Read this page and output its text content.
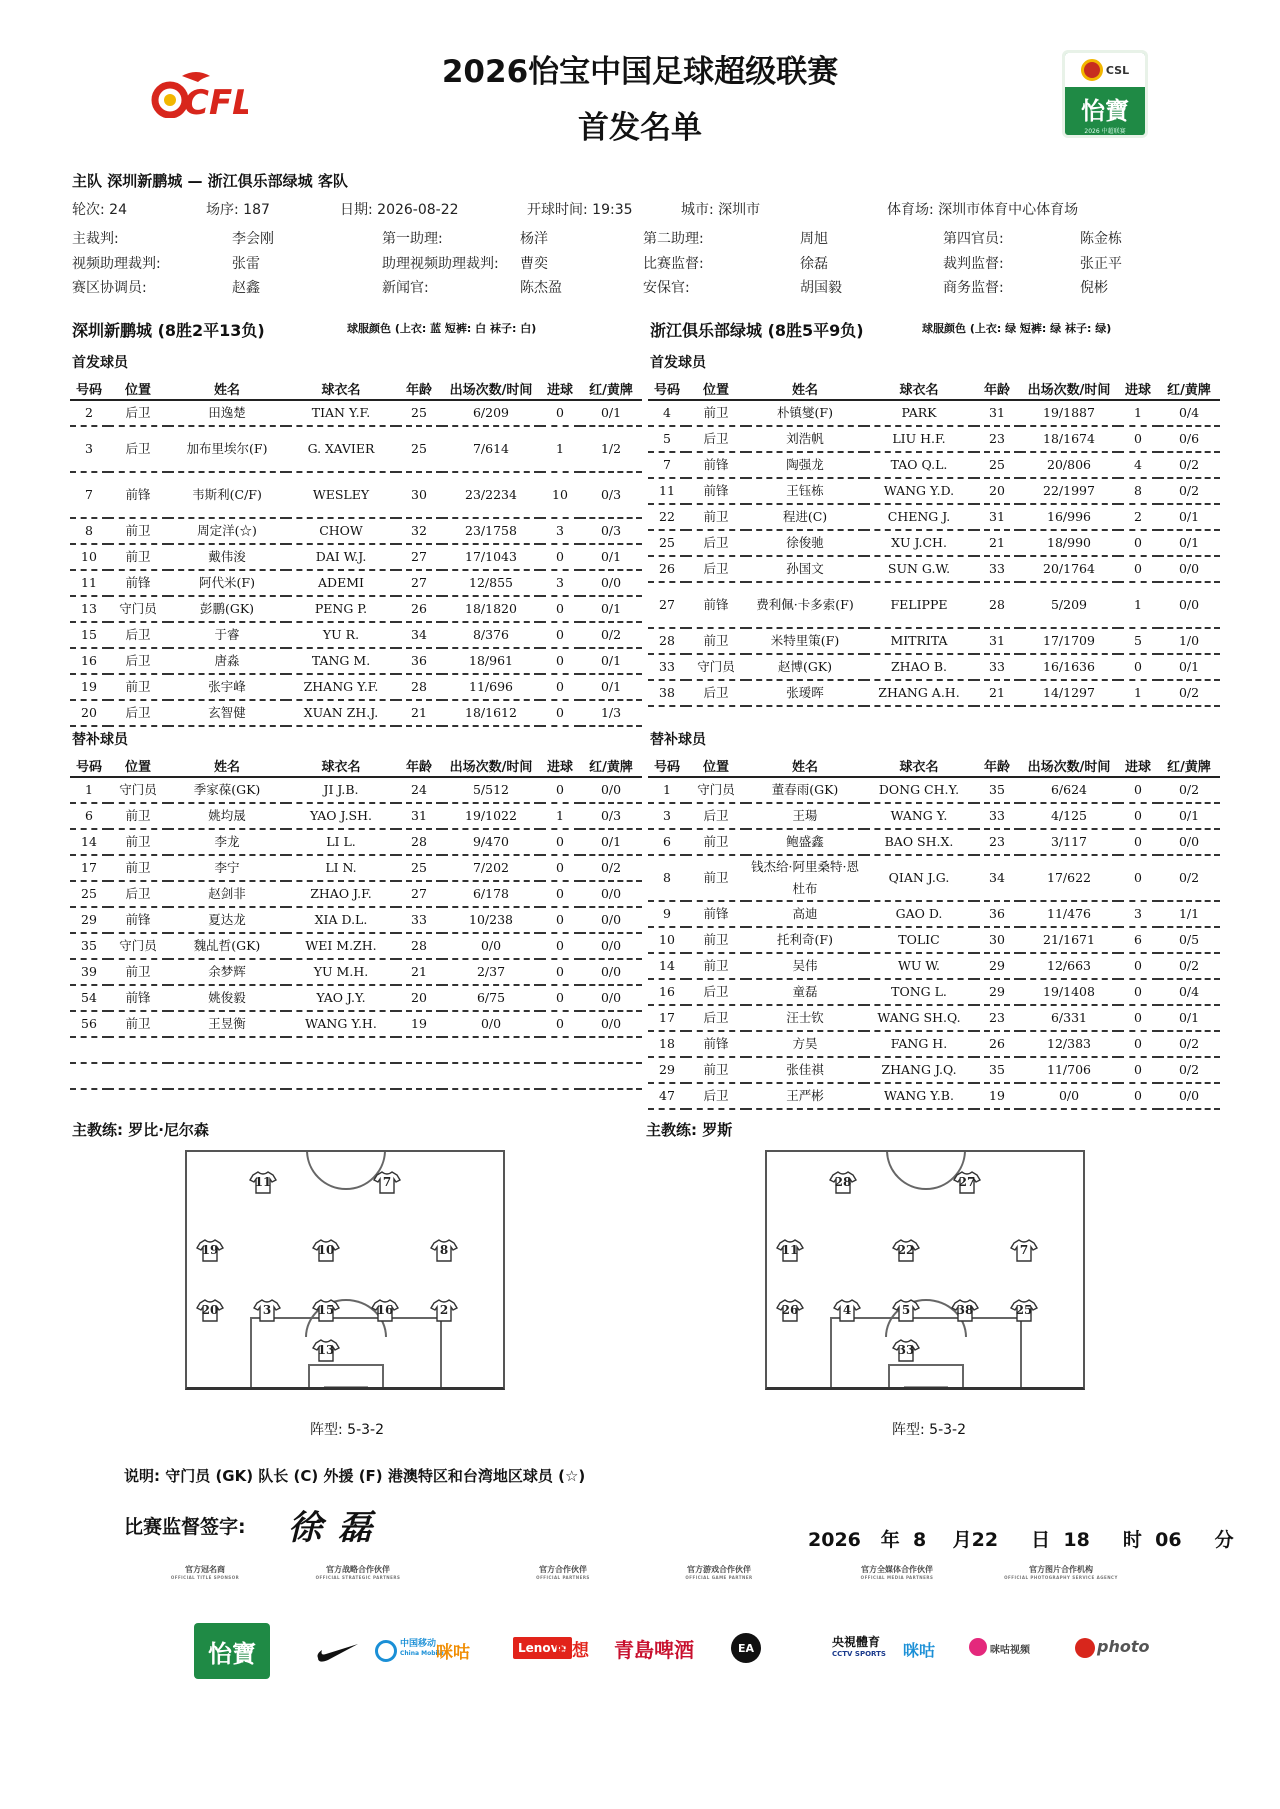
2026怡宝中国足球超级联赛
首发名单
CFL
CSL
怡寶
2026 中超联赛
主队 深圳新鹏城 — 浙江俱乐部绿城 客队
轮次: 24	场序: 187	日期: 2026-08-22	开球时间: 19:35	城市: 深圳市	体育场: 深圳市体育中心体育场
主裁判:	李会刚	第一助理:	杨洋	第二助理:	周旭	第四官员:	陈金栋
视频助理裁判:	张雷	助理视频助理裁判: 曹奕	比赛监督:	徐磊	裁判监督:	张正平
赛区协调员:	赵鑫	新闻官:	陈杰盈	安保官:	胡国毅	商务监督:	倪彬
深圳新鹏城 (8胜2平13负)	球服颜色 (上衣: 蓝 短裤: 白 袜子: 白)	浙江俱乐部绿城 (8胜5平9负)	球服颜色 (上衣: 绿 短裤: 绿 袜子: 绿)
首发球员	首发球员
替补球员	替补球员
号码	位置	姓名	球衣名	年龄	出场次数/时间	进球	红/黄牌
2	后卫	田逸楚	TIAN Y.F.	25	6/209	0	0/1
3	后卫	加布里埃尔(F)	G. XAVIER	25	7/614	1	1/2
7	前锋	韦斯利(C/F)	WESLEY	30	23/2234	10	0/3
8	前卫	周定洋(☆)	CHOW	32	23/1758	3	0/3
10	前卫	戴伟浚	DAI W.J.	27	17/1043	0	0/1
11	前锋	阿代米(F)	ADEMI	27	12/855	3	0/0
13	守门员	彭鹏(GK)	PENG P.	26	18/1820	0	0/1
15	后卫	于睿	YU R.	34	8/376	0	0/2
16	后卫	唐淼	TANG M.	36	18/961	0	0/1
19	前卫	张宇峰	ZHANG Y.F.	28	11/696	0	0/1
20	后卫	玄智健	XUAN ZH.J.	21	18/1612	0	1/3
号码	位置	姓名	球衣名	年龄	出场次数/时间	进球	红/黄牌
4	前卫	朴镇燮(F)	PARK	31	19/1887	1	0/4
5	后卫	刘浩帆	LIU H.F.	23	18/1674	0	0/6
7	前锋	陶强龙	TAO Q.L.	25	20/806	4	0/2
11	前锋	王钰栋	WANG Y.D.	20	22/1997	8	0/2
22	前卫	程进(C)	CHENG J.	31	16/996	2	0/1
25	后卫	徐俊驰	XU J.CH.	21	18/990	0	0/1
26	后卫	孙国文	SUN G.W.	33	20/1764	0	0/0
27	前锋	费利佩·卡多索(F)	FELIPPE	28	5/209	1	0/0
28	前卫	米特里策(F)	MITRITA	31	17/1709	5	1/0
33	守门员	赵博(GK)	ZHAO B.	33	16/1636	0	0/1
38	后卫	张瑷晖	ZHANG A.H.	21	14/1297	1	0/2
号码	位置	姓名	球衣名	年龄	出场次数/时间	进球	红/黄牌
1	守门员	季家葆(GK)	JI J.B.	24	5/512	0	0/0
6	前卫	姚均晟	YAO J.SH.	31	19/1022	1	0/3
14	前卫	李龙	LI L.	28	9/470	0	0/1
17	前卫	李宁	LI N.	25	7/202	0	0/2
25	后卫	赵剑非	ZHAO J.F.	27	6/178	0	0/0
29	前锋	夏达龙	XIA D.L.	33	10/238	0	0/0
35	守门员	魏乩哲(GK)	WEI M.ZH.	28	0/0	0	0/0
39	前卫	余梦辉	YU M.H.	21	2/37	0	0/0
54	前锋	姚俊毅	YAO J.Y.	20	6/75	0	0/0
56	前卫	王昱衡	WANG Y.H.	19	0/0	0	0/0

号码	位置	姓名	球衣名	年龄	出场次数/时间	进球	红/黄牌
1	守门员	董春雨(GK)	DONG CH.Y.	35	6/624	0	0/2
3	后卫	王瑒	WANG Y.	33	4/125	0	0/1
6	前卫	鲍盛鑫	BAO SH.X.	23	3/117	0	0/0
8	前卫	钱杰给·阿里桑特·恩杜布	QIAN J.G.	34	17/622	0	0/2
9	前锋	高迪	GAO D.	36	11/476	3	1/1
10	前卫	托利奇(F)	TOLIC	30	21/1671	6	0/5
14	前卫	吴伟	WU W.	29	12/663	0	0/2
16	后卫	童磊	TONG L.	29	19/1408	0	0/4
17	后卫	汪士钦	WANG SH.Q.	23	6/331	0	0/1
18	前锋	方昊	FANG H.	26	12/383	0	0/2
29	前卫	张佳祺	ZHANG J.Q.	35	11/706	0	0/2
47	后卫	王严彬	WANG Y.B.	19	0/0	0	0/0
主教练: 罗比·尼尔森	主教练: 罗斯
11	7
19	10	8
20	3	15	16	2
13
28	27
11	22	7
26	4	5	38	25
33
阵型: 5-3-2	阵型: 5-3-2
说明: 守门员 (GK) 队长 (C) 外援 (F) 港澳特区和台湾地区球员 (☆)
比赛监督签字: 徐 磊	2026   年  8    月22     日  18     时  06     分
官方冠名商
OFFICIAL TITLE SPONSOR
官方战略合作伙伴
OFFICIAL STRATEGIC PARTNERS
官方合作伙伴
OFFICIAL PARTNERS
官方游戏合作伙伴
OFFICIAL GAME PARTNER
官方全媒体合作伙伴
OFFICIAL MEDIA PARTNERS
官方图片合作机构
OFFICIAL PHOTOGRAPHY SERVICE AGENCY
怡寶	中国移动
China Mobile
咪咕	Lenovo
联想 青島啤酒	EA	央視體育
CCTV SPORTS 咪咕	咪咕视频	photo
